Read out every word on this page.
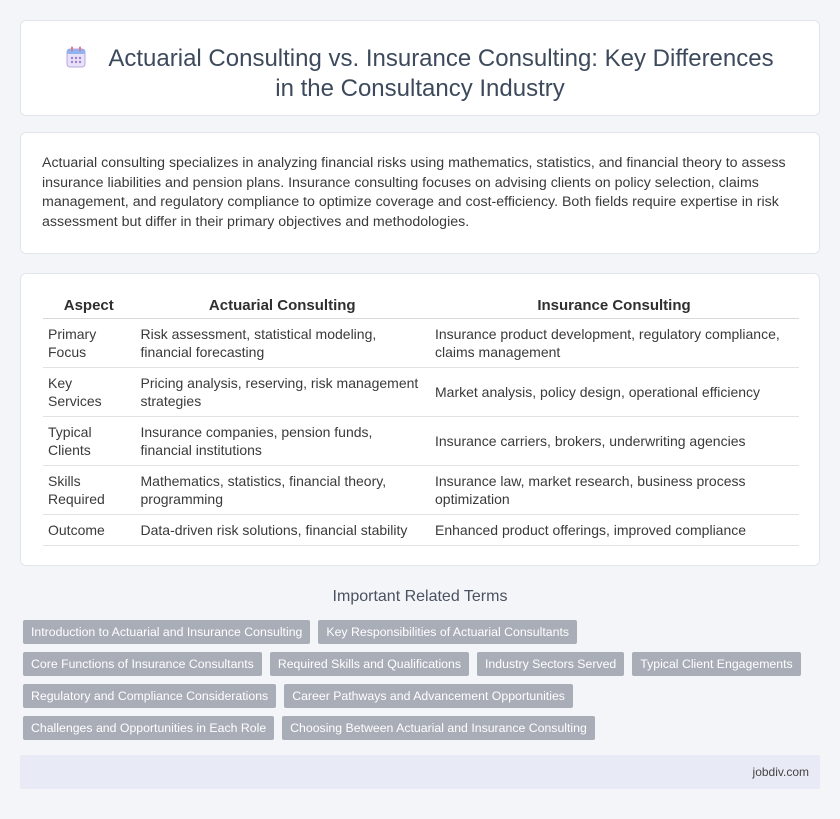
Actuarial Consulting vs. Insurance Consulting: Key Differences in the Consultancy Industry

Actuarial consulting specializes in analyzing financial risks using mathematics, statistics, and financial theory to assess insurance liabilities and pension plans. Insurance consulting focuses on advising clients on policy selection, claims management, and regulatory compliance to optimize coverage and cost-efficiency. Both fields require expertise in risk assessment but differ in their primary objectives and methodologies.

Aspect	Actuarial Consulting	Insurance Consulting
Primary Focus	Risk assessment, statistical modeling, financial forecasting	Insurance product development, regulatory compliance, claims management
Key Services	Pricing analysis, reserving, risk management strategies	Market analysis, policy design, operational efficiency
Typical Clients	Insurance companies, pension funds, financial institutions	Insurance carriers, brokers, underwriting agencies
Skills Required	Mathematics, statistics, financial theory, programming	Insurance law, market research, business process optimization
Outcome	Data-driven risk solutions, financial stability	Enhanced product offerings, improved compliance
Important Related Terms
Introduction to Actuarial and Insurance Consulting	Key Responsibilities of Actuarial Consultants
Core Functions of Insurance Consultants	Required Skills and Qualifications	Industry Sectors Served	Typical Client Engagements
Regulatory and Compliance Considerations	Career Pathways and Advancement Opportunities
Challenges and Opportunities in Each Role	Choosing Between Actuarial and Insurance Consulting
jobdiv.com
